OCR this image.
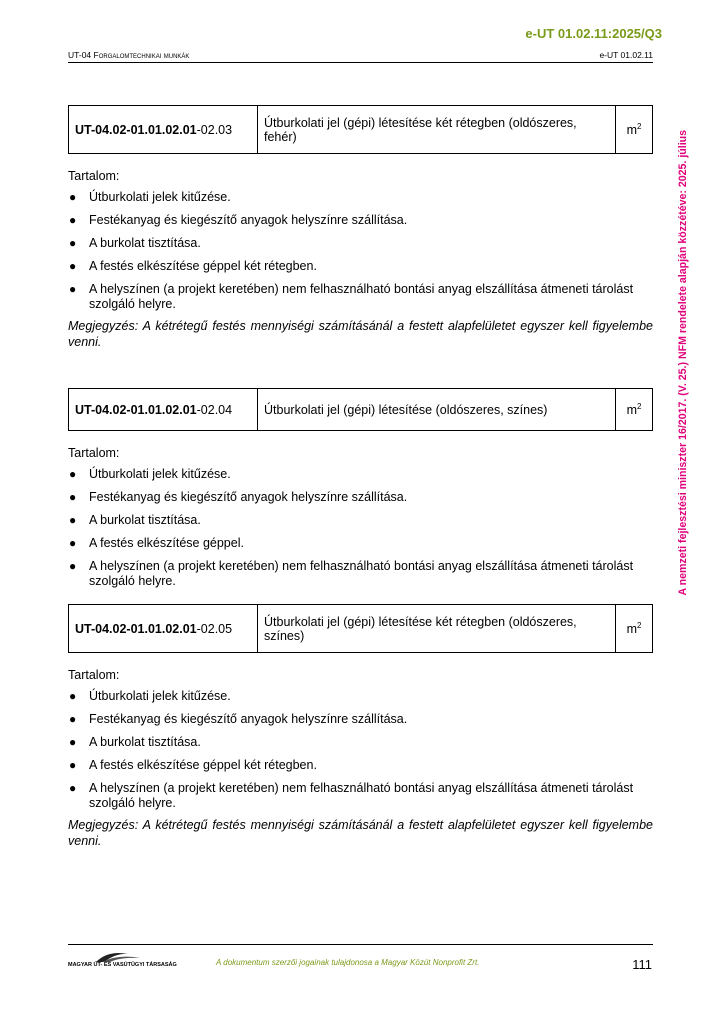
e-UT 01.02.11:2025/Q3
UT-04 Forgalomtechnikai munkák	e-UT 01.02.11
A nemzeti fejlesztési miniszter 16/2017. (V. 25.) NFM rendelete alapján közzétéve: 2025. július
UT-04.02-01.01.02.01-02.03	Útburkolati jel (gépi) létesítése két rétegben (oldószeres, fehér)	$m^2$
Tartalom:
● Útburkolati jelek kitűzése.
● Festékanyag és kiegészítő anyagok helyszínre szállítása.
● A burkolat tisztítása.
● A festés elkészítése géppel két rétegben.
● A helyszínen (a projekt keretében) nem felhasználható bontási anyag elszállítása átmeneti tárolást szolgáló helyre.
Megjegyzés: A kétrétegű festés mennyiségi számításánál a festett alapfelületet egyszer kell figyelembe venni.
UT-04.02-01.01.02.01-02.04	Útburkolati jel (gépi) létesítése (oldószeres, színes)	$m^2$
Tartalom:
● Útburkolati jelek kitűzése.
● Festékanyag és kiegészítő anyagok helyszínre szállítása.
● A burkolat tisztítása.
● A festés elkészítése géppel.
● A helyszínen (a projekt keretében) nem felhasználható bontási anyag elszállítása átmeneti tárolást szolgáló helyre.
UT-04.02-01.01.02.01-02.05	Útburkolati jel (gépi) létesítése két rétegben (oldószeres, színes)	$m^2$
Tartalom:
● Útburkolati jelek kitűzése.
● Festékanyag és kiegészítő anyagok helyszínre szállítása.
● A burkolat tisztítása.
● A festés elkészítése géppel két rétegben.
● A helyszínen (a projekt keretében) nem felhasználható bontási anyag elszállítása átmeneti tárolást szolgáló helyre.
Megjegyzés: A kétrétegű festés mennyiségi számításánál a festett alapfelületet egyszer kell figyelembe venni.
MAGYAR ÚT- ÉS VASÚTÜGYI TÁRSASÁG	A dokumentum szerzői jogainak tulajdonosa a Magyar Közút Nonprofit Zrt.	111
